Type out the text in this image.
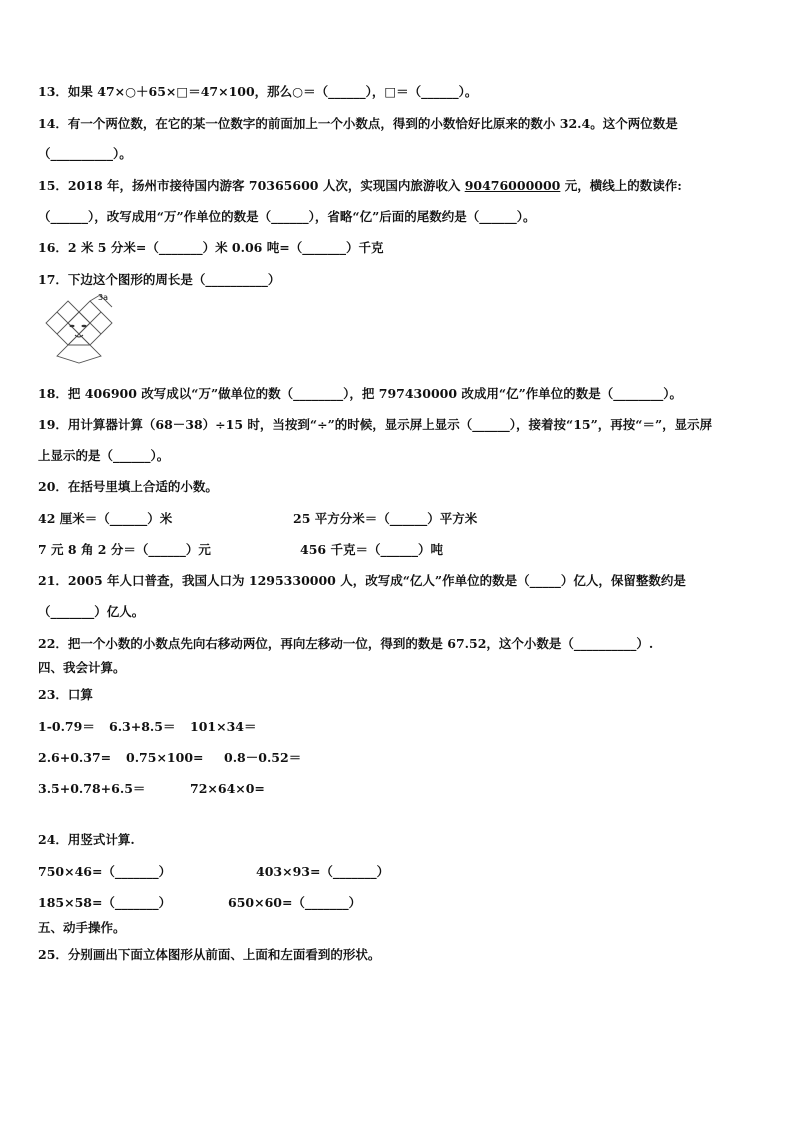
13．如果 47×○＋65×□＝47×100，那么○＝（______），□＝（______）。
14．有一个两位数，在它的某一位数字的前面加上一个小数点，得到的小数恰好比原来的数小 32.4。这个两位数是
（__________）。
15．2018 年，扬州市接待国内游客 70365600 人次，实现国内旅游收入 90476000000 元，横线上的数读作:
（______），改写成用“万”作单位的数是（______），省略“亿”后面的尾数约是（______）。
16．2 米 5 分米=（_______）米 0.06 吨=（_______）千克
17．下边这个图形的周长是（__________）
3a
18．把 406900 改写成以“万”做单位的数（________），把 797430000 改成用“亿”作单位的数是（________）。
19．用计算器计算（68－38）÷15 时，当按到“÷”的时候，显示屏上显示（______），接着按“15”，再按“＝”，显示屏
上显示的是（______）。
20．在括号里填上合适的小数。
42 厘米＝（______）米	25 平方分米＝（______）平方米
7 元 8 角 2 分＝（______）元	456 千克＝（______）吨
21．2005 年人口普查，我国人口为 1295330000 人，改写成“亿人”作单位的数是（_____）亿人，保留整数约是
（_______）亿人。
22．把一个小数的小数点先向右移动两位，再向左移动一位，得到的数是 67.52，这个小数是（__________）.
四、我会计算。
23．口算
1-0.79＝ 6.3+8.5＝ 101×34＝
2.6+0.37= 0.75×100= 0.8－0.52＝
3.5+0.78+6.5＝	72×64×0=
24．用竖式计算.
750×46=（_______）	403×93=（_______）
185×58=（_______）	650×60=（_______）
五、动手操作。
25．分别画出下面立体图形从前面、上面和左面看到的形状。
